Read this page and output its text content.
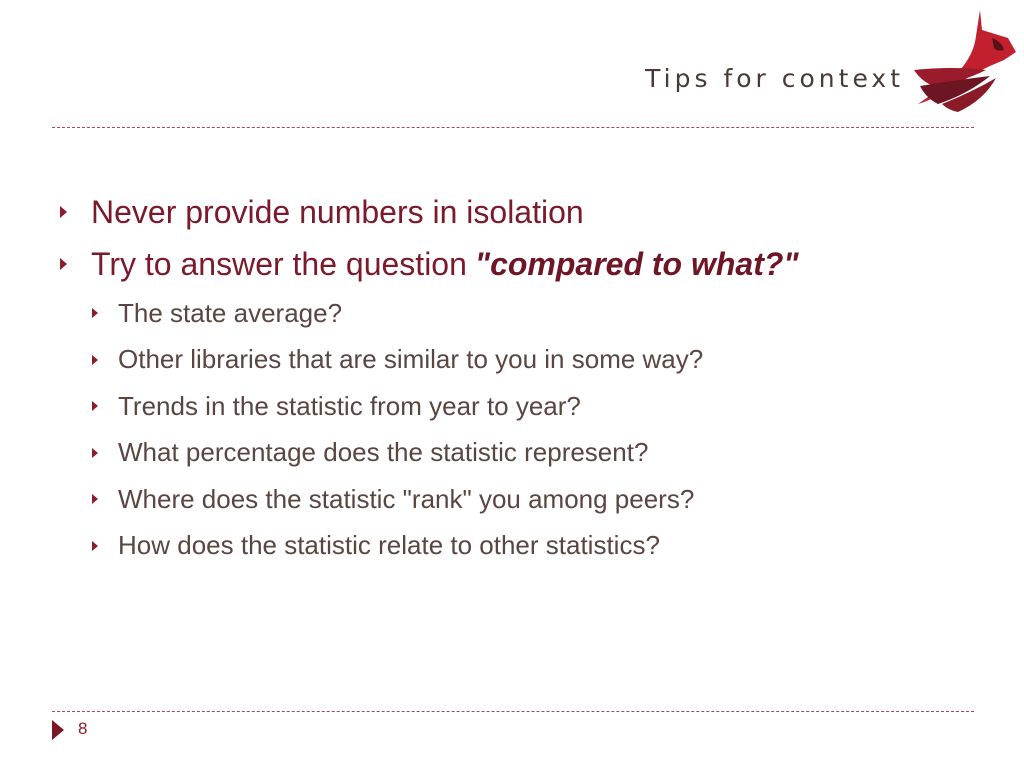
Tips for context
Never provide numbers in isolation
Try to answer the question "compared to what?"
The state average?
Other libraries that are similar to you in some way?
Trends in the statistic from year to year?
What percentage does the statistic represent?
Where does the statistic "rank" you among peers?
How does the statistic relate to other statistics?
8
